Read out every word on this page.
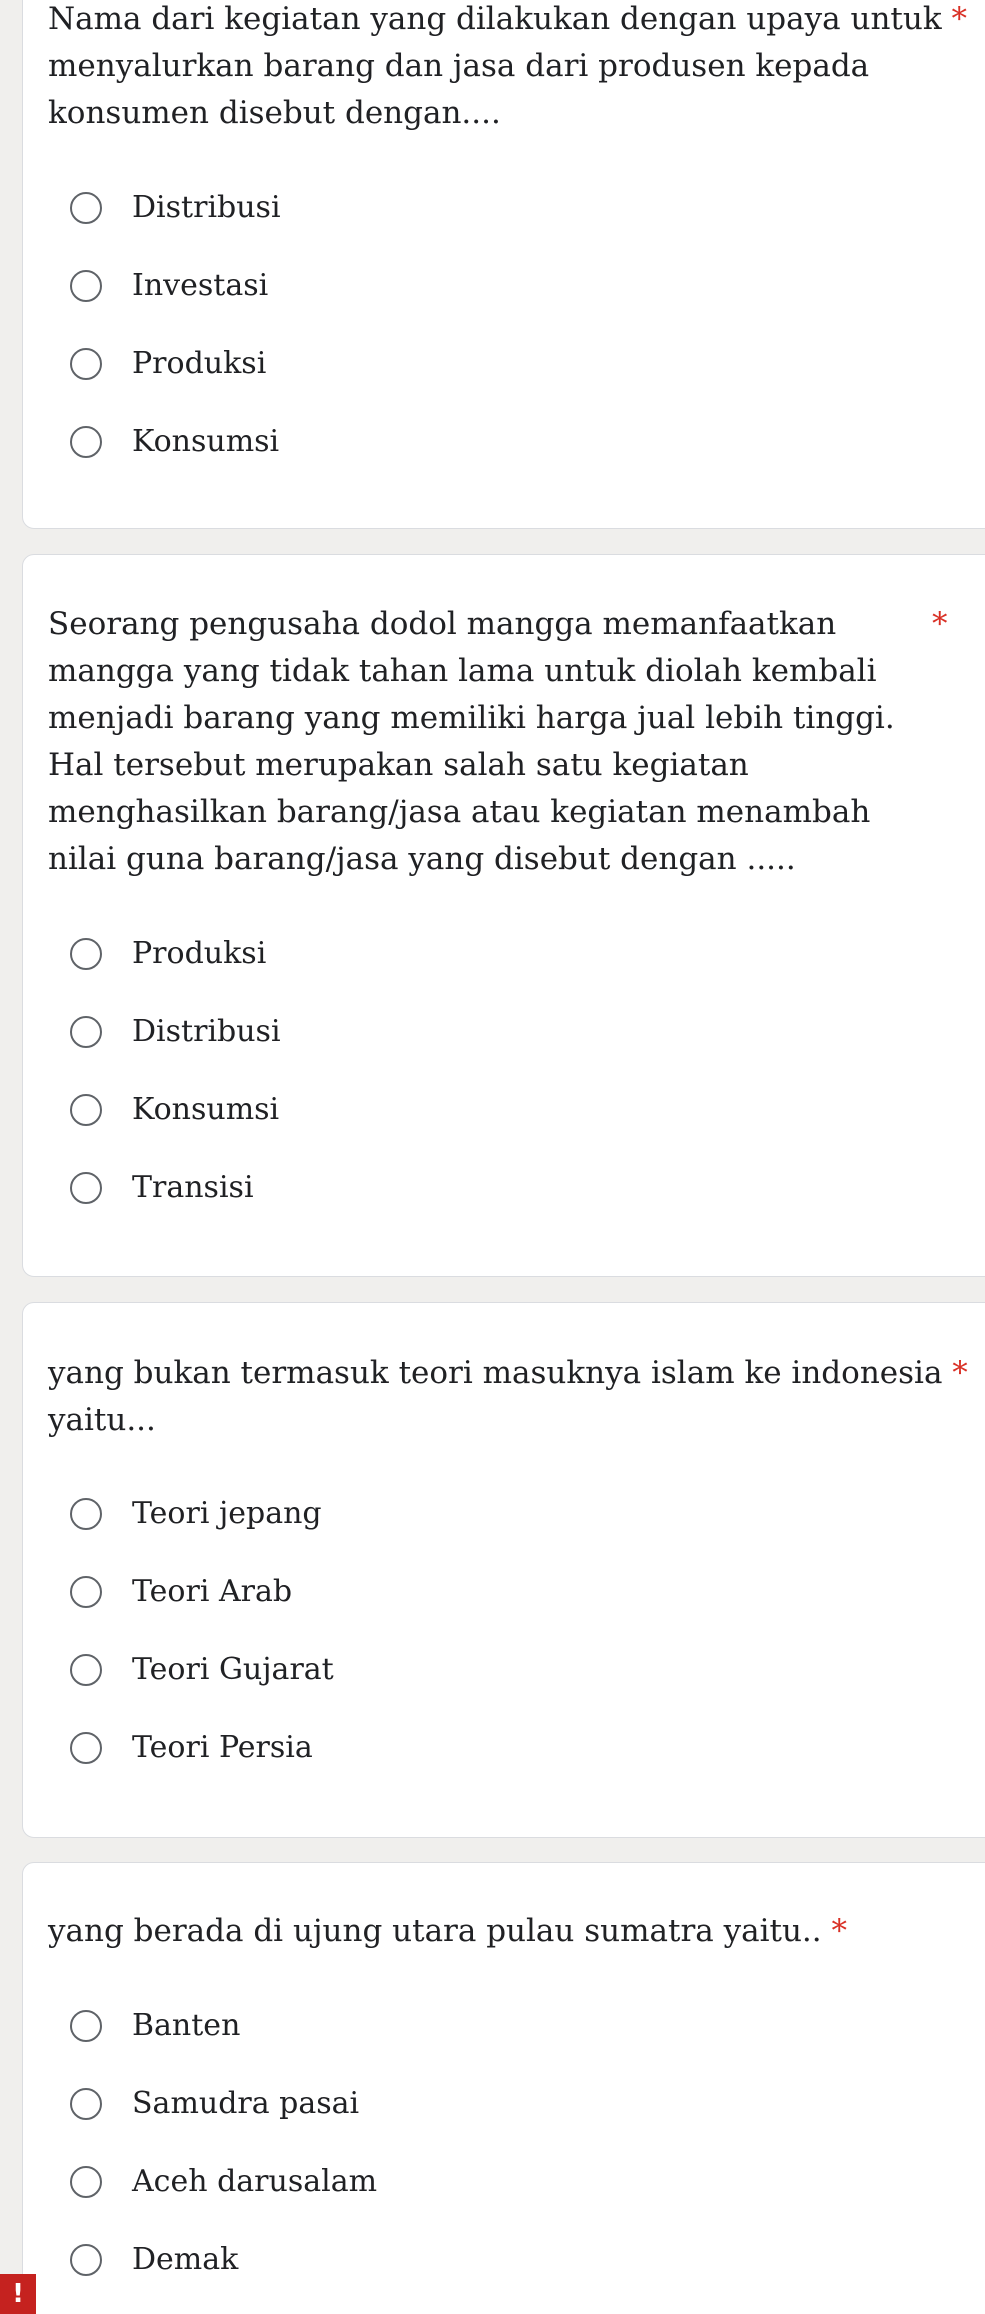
Nama dari kegiatan yang dilakukan dengan upaya untuk *
menyalurkan barang dan jasa dari produsen kepada
konsumen disebut dengan....
Distribusi
Investasi
Produksi
Konsumsi
Seorang pengusaha dodol mangga memanfaatkan
mangga yang tidak tahan lama untuk diolah kembali
menjadi barang yang memiliki harga jual lebih tinggi.
Hal tersebut merupakan salah satu kegiatan
menghasilkan barang/jasa atau kegiatan menambah
nilai guna barang/jasa yang disebut dengan .....
*
Produksi
Distribusi
Konsumsi
Transisi
yang bukan termasuk teori masuknya islam ke indonesia *
yaitu...
Teori jepang
Teori Arab
Teori Gujarat
Teori Persia
yang berada di ujung utara pulau sumatra yaitu.. *
Banten
Samudra pasai
Aceh darusalam
Demak
!
